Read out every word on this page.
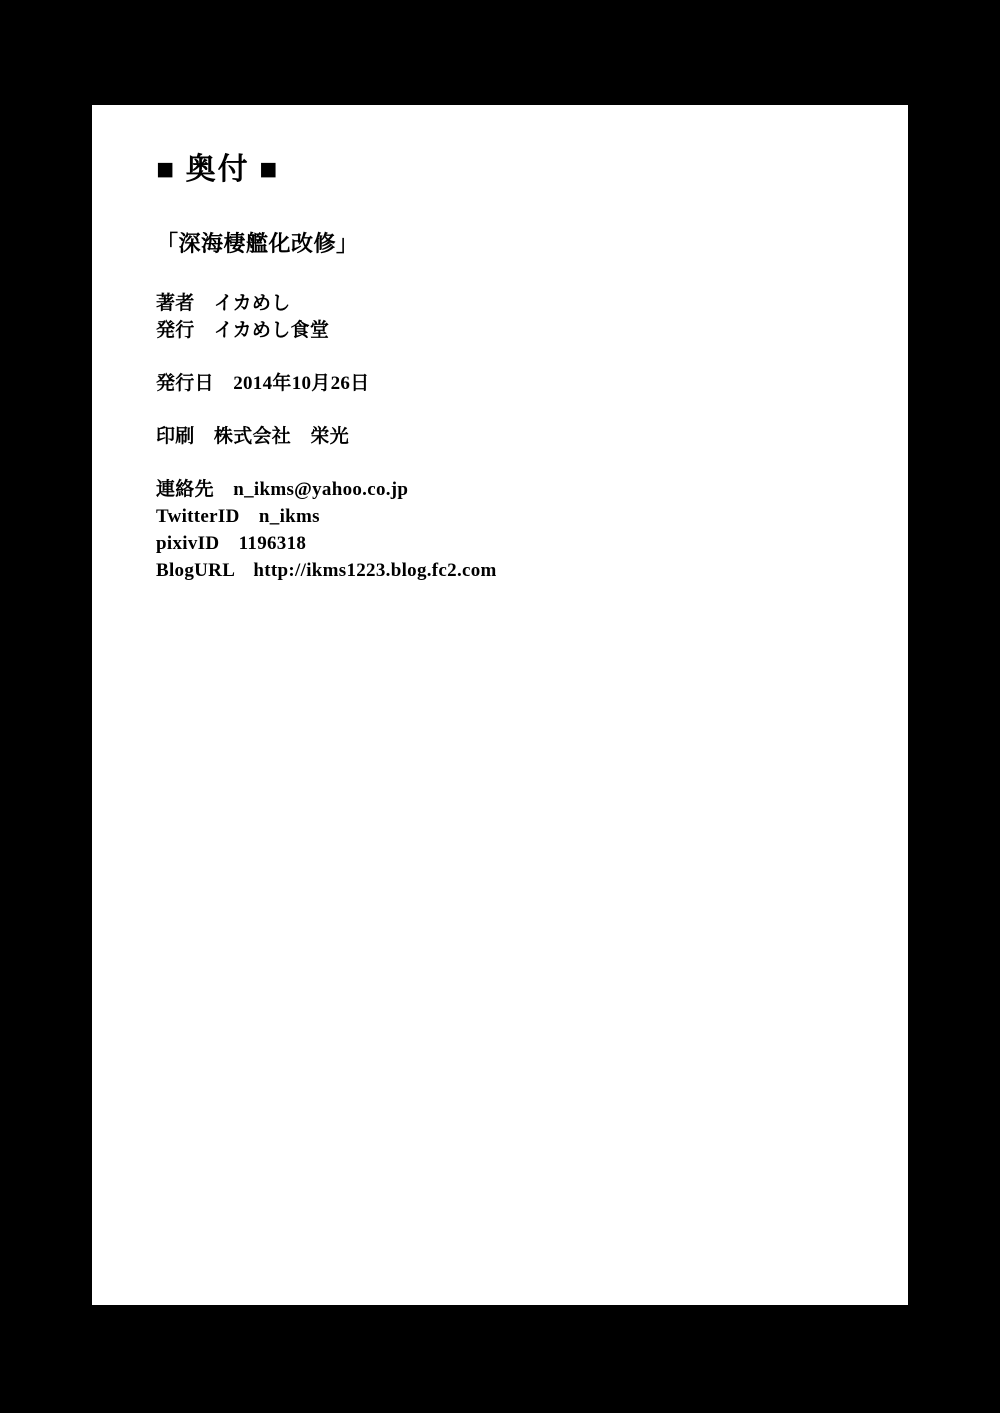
■ 奥付 ■
「深海棲艦化改修」
著者　イカめし
発行　イカめし食堂
発行日　2014年10月26日
印刷　株式会社　栄光
連絡先　n_ikms@yahoo.co.jp
TwitterID　n_ikms
pixivID　1196318
BlogURL　http://ikms1223.blog.fc2.com
